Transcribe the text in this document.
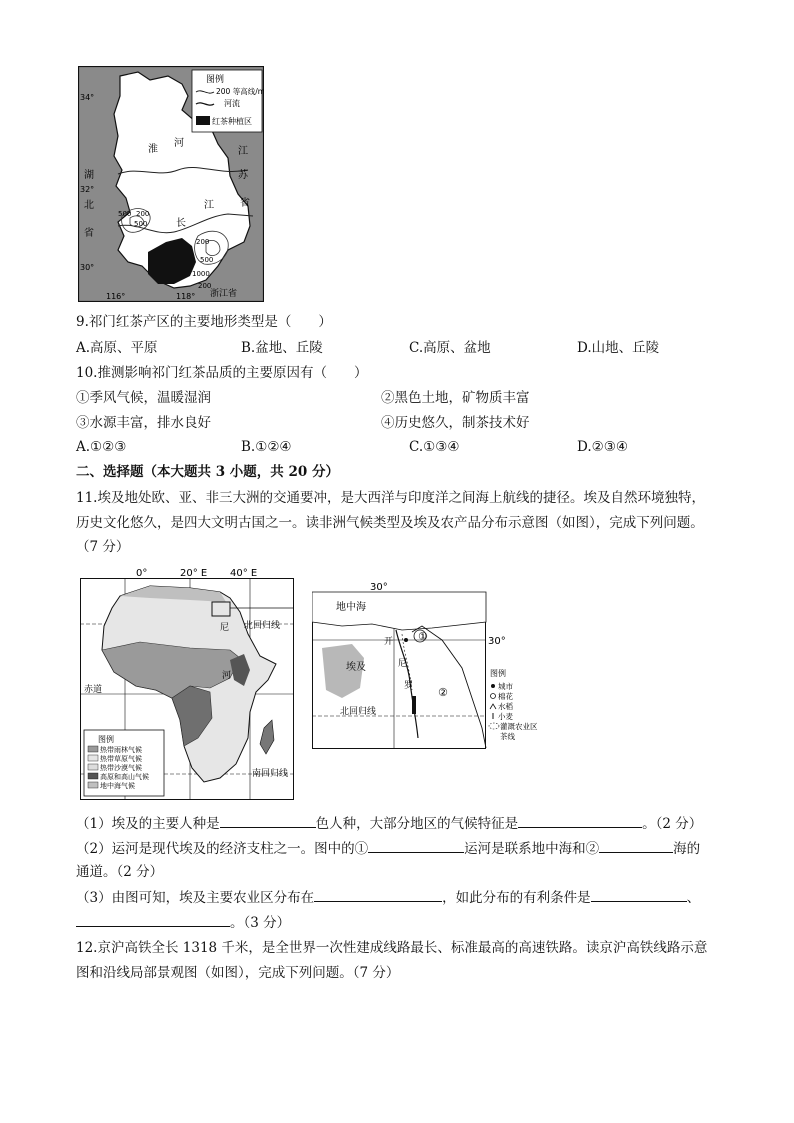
图例
200 等高线/m
河流
红茶种植区
34°
32°
30°
116°	118°
江
苏
省
湖
北
省
浙江省
淮
河
长
江
500 200
500
200
500
1000
200
9.祁门红茶产区的主要地形类型是（　　）
A.高原、平原	B.盆地、丘陵	C.高原、盆地	D.山地、丘陵
10.推测影响祁门红茶品质的主要原因有（　　）
①季风气候，温暖湿润	②黑色土地，矿物质丰富
③水源丰富，排水良好	④历史悠久，制茶技术好
A.①②③	B.①②④	C.①③④	D.②③④
二、选择题（本大题共 3 小题，共 20 分）
11.埃及地处欧、亚、非三大洲的交通要冲，是大西洋与印度洋之间海上航线的捷径。埃及自然环境独特，
历史文化悠久，是四大文明古国之一。读非洲气候类型及埃及农产品分布示意图（如图），完成下列问题。
（7 分）
0°	20° E 40° E
北回归线
赤道
南回归线
尼
河
图例
热带雨林气候
热带草原气候
热带沙漠气候
高原和高山气候
地中海气候
地中海
30°
30°
埃及
北回归线
开
尼
罗
①
②
图例
城市
棉花
水稻
小麦
灌溉农业区
茶线
（1）埃及的主要人种是	色人种，大部分地区的气候特征是	。（2 分）
（2）运河是现代埃及的经济支柱之一。图中的①	运河是联系地中海和②	海的
通道。（2 分）
（3）由图可知，埃及主要农业区分布在	，如此分布的有利条件是	、
。（3 分）
12.京沪高铁全长 1318 千米，是全世界一次性建成线路最长、标准最高的高速铁路。读京沪高铁线路示意
图和沿线局部景观图（如图），完成下列问题。（7 分）
